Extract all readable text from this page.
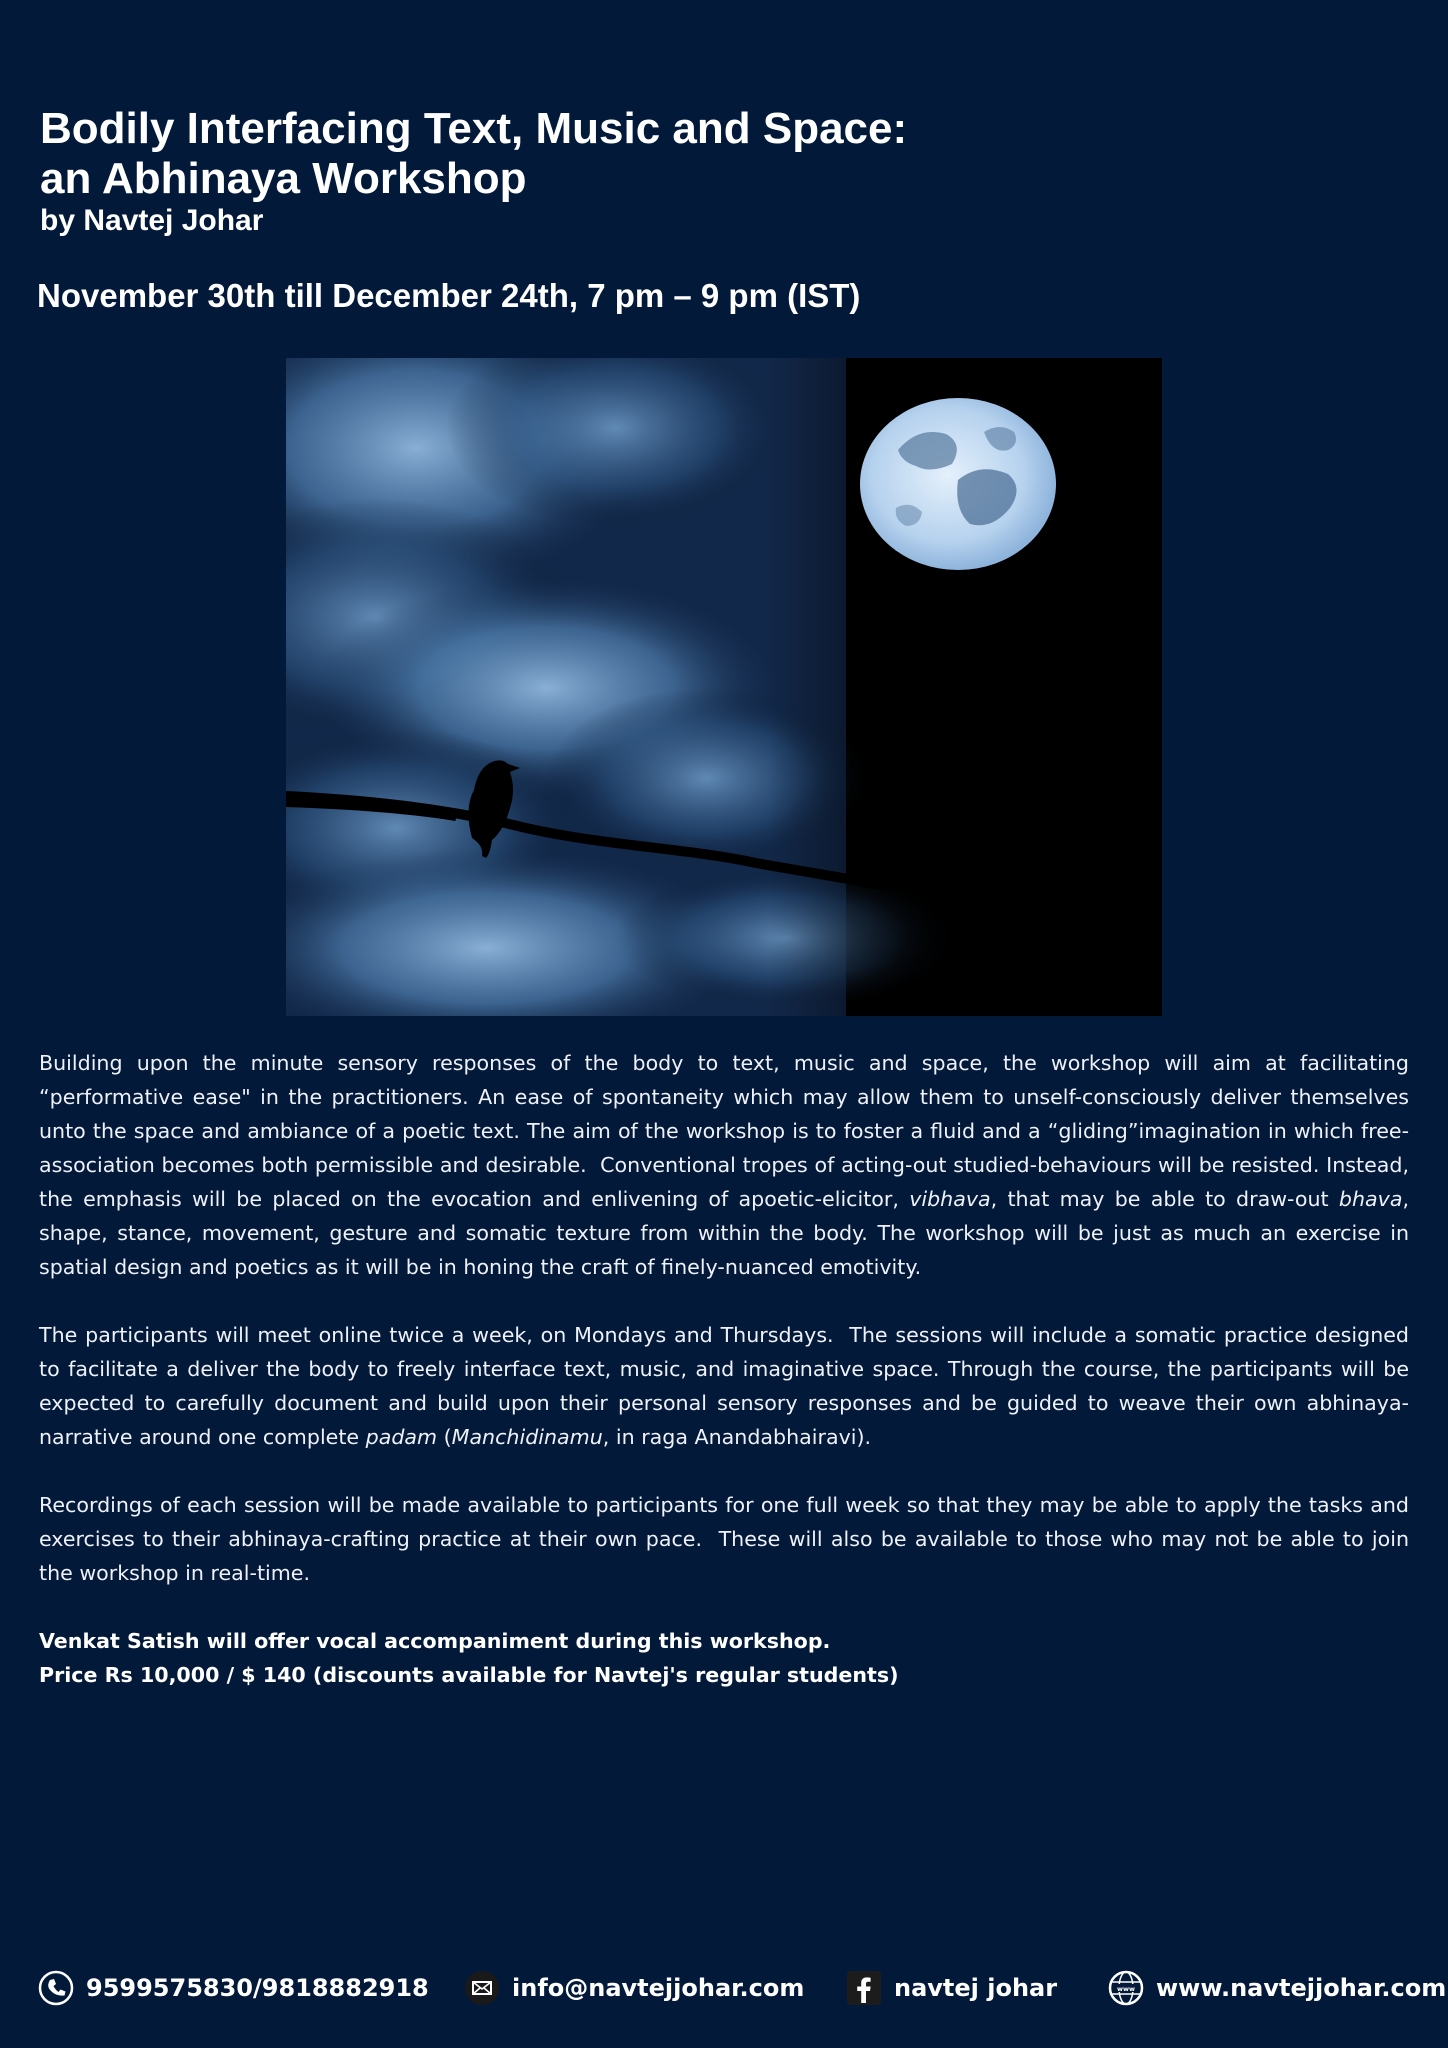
Bodily Interfacing Text, Music and Space:
an Abhinaya Workshop
by Navtej Johar
November 30th till December 24th, 7 pm – 9 pm (IST)

Building upon the minute sensory responses of the body to text, music and space, the workshop will aim at facilitating “performative ease" in the practitioners. An ease of spontaneity which may allow them to unself-consciously deliver themselves unto the space and ambiance of a poetic text. The aim of the workshop is to foster a fluid and a “gliding”imagination in which free-association becomes both permissible and desirable.  Conventional tropes of acting-out studied-behaviours will be resisted. Instead, the emphasis will be placed on the evocation and enlivening of apoetic-elicitor, vibhava, that may be able to draw-out bhava, shape, stance, movement, gesture and somatic texture from within the body. The workshop will be just as much an exercise in spatial design and poetics as it will be in honing the craft of finely-nuanced emotivity.

The participants will meet online twice a week, on Mondays and Thursdays.  The sessions will include a somatic practice designed to facilitate a deliver the body to freely interface text, music, and imaginative space. Through the course, the participants will be expected to carefully document and build upon their personal sensory responses and be guided to weave their own abhinaya-narrative around one complete padam (Manchidinamu, in raga Anandabhairavi).

Recordings of each session will be made available to participants for one full week so that they may be able to apply the tasks and exercises to their abhinaya-crafting practice at their own pace.  These will also be available to those who may not be able to join the workshop in real-time.

Venkat Satish will offer vocal accompaniment during this workshop.
Price Rs 10,000 / $ 140 (discounts available for Navtej's regular students)
9599575830/9818882918	info@navtejjohar.com	navtej johar	www www.navtejjohar.com
